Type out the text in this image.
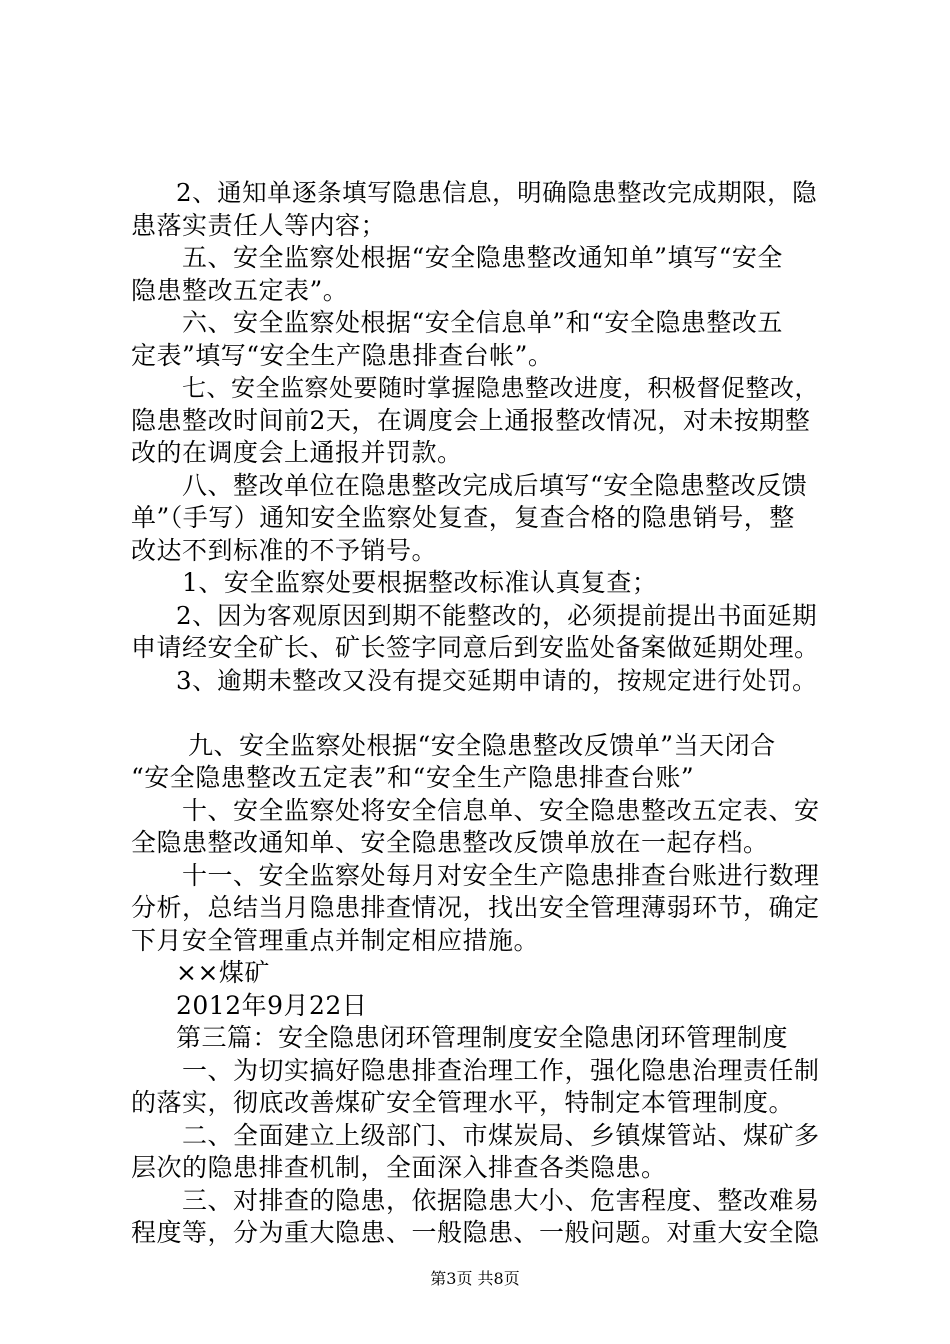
2、通知单逐条填写隐患信息，明确隐患整改完成期限，隐
患落实责任人等内容；
五、安全监察处根据“安全隐患整改通知单”填写“安全
隐患整改五定表”。
六、安全监察处根据“安全信息单”和“安全隐患整改五
定表”填写“安全生产隐患排查台帐”。
七、安全监察处要随时掌握隐患整改进度，积极督促整改，
隐患整改时间前2天，在调度会上通报整改情况，对未按期整
改的在调度会上通报并罚款。
八、整改单位在隐患整改完成后填写“安全隐患整改反馈
单”（手写）通知安全监察处复查，复查合格的隐患销号，整
改达不到标准的不予销号。
1、安全监察处要根据整改标准认真复查；
2、因为客观原因到期不能整改的，必须提前提出书面延期
申请经安全矿长、矿长签字同意后到安监处备案做延期处理。
3、逾期未整改又没有提交延期申请的，按规定进行处罚。
九、安全监察处根据“安全隐患整改反馈单”当天闭合
“安全隐患整改五定表”和“安全生产隐患排查台账”
十、安全监察处将安全信息单、安全隐患整改五定表、安
全隐患整改通知单、安全隐患整改反馈单放在一起存档。
十一、安全监察处每月对安全生产隐患排查台账进行数理
分析，总结当月隐患排查情况，找出安全管理薄弱环节，确定
下月安全管理重点并制定相应措施。
××煤矿
2012年9月22日
第三篇：安全隐患闭环管理制度安全隐患闭环管理制度
一、为切实搞好隐患排查治理工作，强化隐患治理责任制
的落实，彻底改善煤矿安全管理水平，特制定本管理制度。
二、全面建立上级部门、市煤炭局、乡镇煤管站、煤矿多
层次的隐患排查机制，全面深入排查各类隐患。
三、对排查的隐患，依据隐患大小、危害程度、整改难易
程度等，分为重大隐患、一般隐患、一般问题。对重大安全隐
第3页 共8页
